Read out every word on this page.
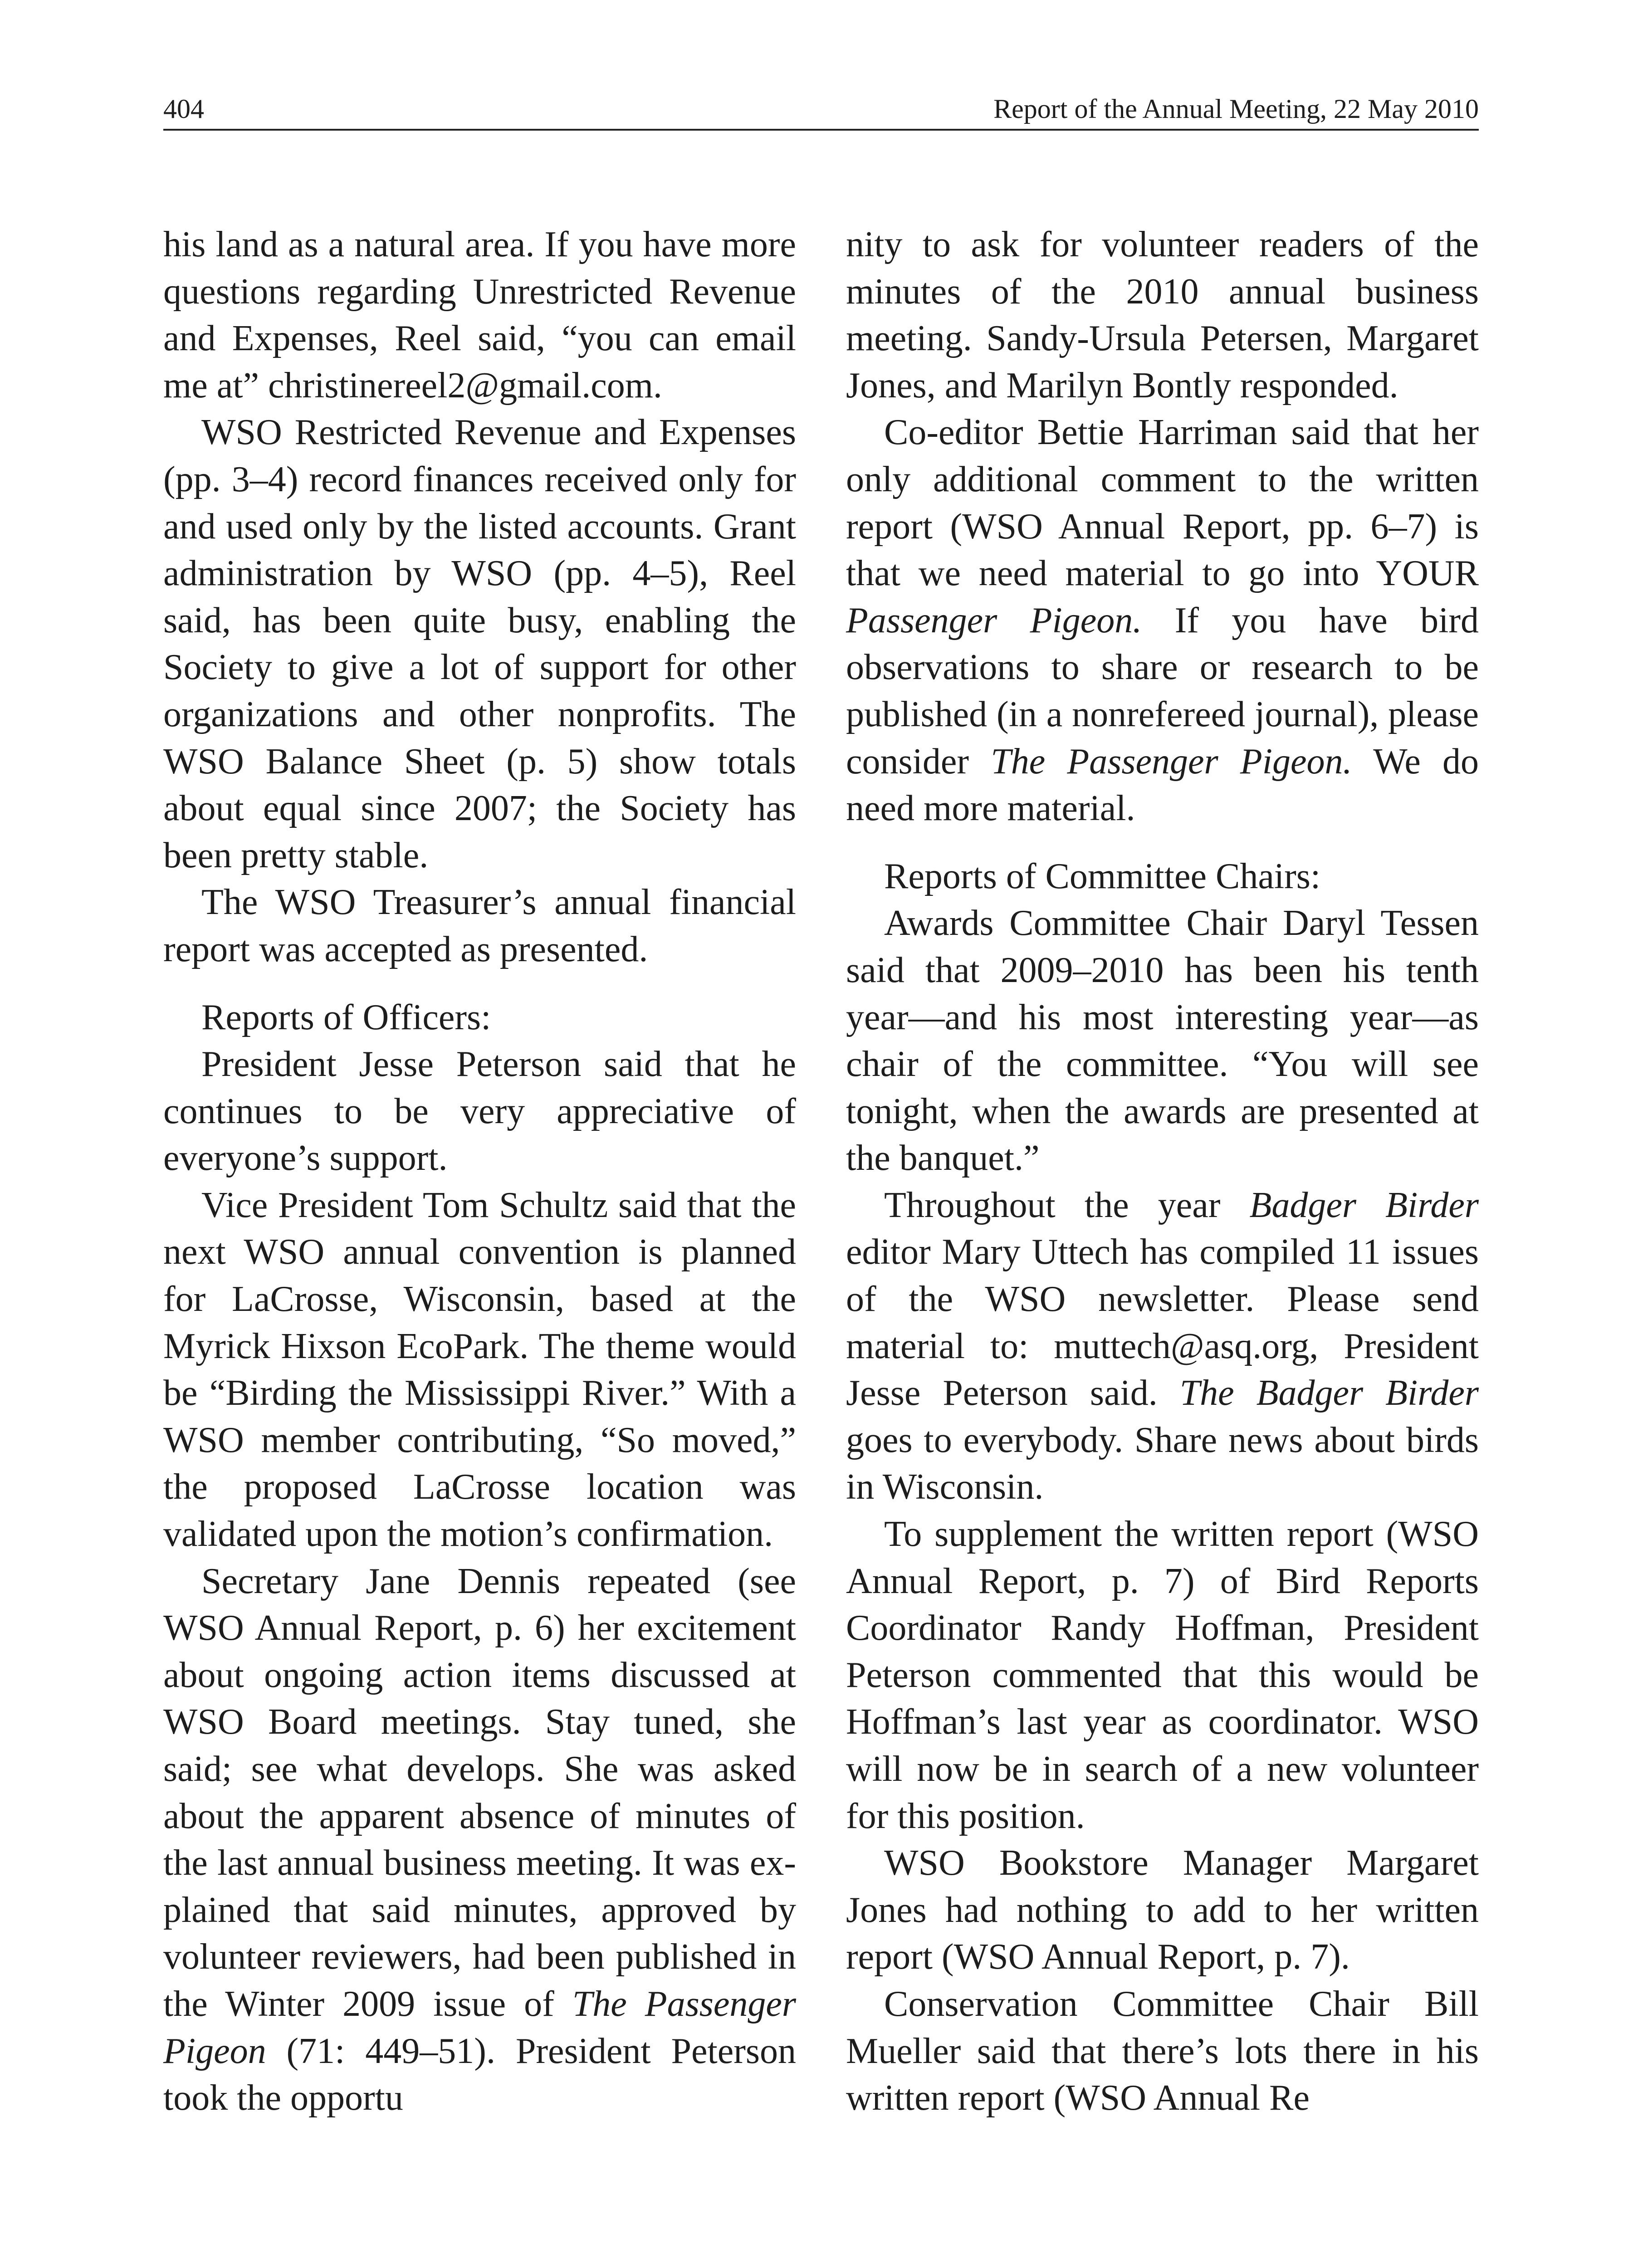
404	Report of the Annual Meeting, 22 May 2010

his land as a natural area. If you have more questions regarding Unrestricted Revenue and Expenses, Reel said, “you can email me at” christinereel2@gmail.com.

WSO Restricted Revenue and Expenses (pp. 3–4) record finances received only for and used only by the listed accounts. Grant administration by WSO (pp. 4–5), Reel said, has been quite busy, enabling the Society to give a lot of support for other organizations and other nonprofits. The WSO Balance Sheet (p. 5) show totals about equal since 2007; the Society has been pretty stable.

The WSO Treasurer’s annual financial report was accepted as presented.

Reports of Officers:

President Jesse Peterson said that he continues to be very appreciative of everyone’s support.

Vice President Tom Schultz said that the next WSO annual convention is planned for LaCrosse, Wisconsin, based at the Myrick Hixson EcoPark. The theme would be “Birding the Mississippi River.” With a WSO member contributing, “So moved,” the proposed LaCrosse location was validated upon the motion’s confirmation.

Secretary Jane Dennis repeated (see WSO Annual Report, p. 6) her excitement about ongoing action items discussed at WSO Board meetings. Stay tuned, she said; see what develops. She was asked about the apparent absence of minutes of the last annual business meeting. It was explained that said minutes, approved by volunteer reviewers, had been published in the Winter 2009 issue of The Passenger Pigeon (71: 449–51). President Peterson took the opportu

nity to ask for volunteer readers of the minutes of the 2010 annual business meeting. Sandy-Ursula Petersen, Margaret Jones, and Marilyn Bontly responded.

Co-editor Bettie Harriman said that her only additional comment to the written report (WSO Annual Report, pp. 6–7) is that we need material to go into YOUR Passenger Pigeon. If you have bird observations to share or research to be published (in a nonrefereed journal), please consider The Passenger Pigeon. We do need more material.

Reports of Committee Chairs:

Awards Committee Chair Daryl Tessen said that 2009–2010 has been his tenth year—and his most interesting year—as chair of the committee. “You will see tonight, when the awards are presented at the banquet.”

Throughout the year Badger Birder editor Mary Uttech has compiled 11 issues of the WSO newsletter. Please send material to: muttech@asq.org, President Jesse Peterson said. The Badger Birder goes to everybody. Share news about birds in Wisconsin.

To supplement the written report (WSO Annual Report, p. 7) of Bird Reports Coordinator Randy Hoffman, President Peterson commented that this would be Hoffman’s last year as coordinator. WSO will now be in search of a new volunteer for this position.

WSO Bookstore Manager Margaret Jones had nothing to add to her written report (WSO Annual Report, p. 7).

Conservation Committee Chair Bill Mueller said that there’s lots there in his written report (WSO Annual Re
